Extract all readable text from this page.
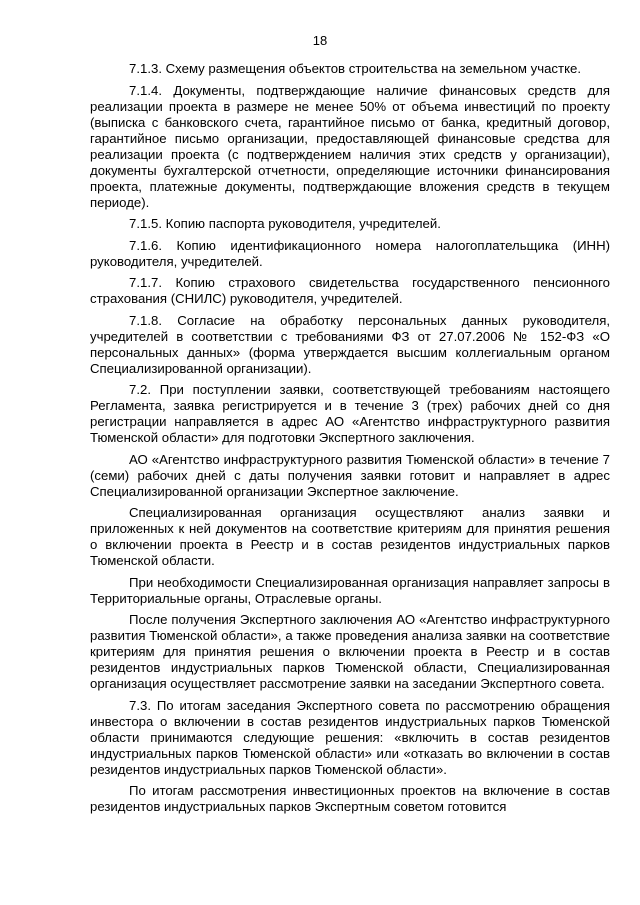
18

7.1.3. Схему размещения объектов строительства на земельном участке.

7.1.4. Документы, подтверждающие наличие финансовых средств для реализации проекта в размере не менее 50% от объема инвестиций по проекту (выписка с банковского счета, гарантийное письмо от банка, кредитный договор, гарантийное письмо организации, предоставляющей финансовые средства для реализации проекта (с подтверждением наличия этих средств у организации), документы бухгалтерской отчетности, определяющие источники финансирования проекта, платежные документы, подтверждающие вложения средств в текущем периоде).

7.1.5. Копию паспорта руководителя, учредителей.

7.1.6. Копию идентификационного номера налогоплательщика (ИНН) руководителя, учредителей.

7.1.7. Копию страхового свидетельства государственного пенсионного страхования (СНИЛС) руководителя, учредителей.

7.1.8. Согласие на обработку персональных данных руководителя, учредителей в соответствии с требованиями ФЗ от 27.07.2006 № 152-ФЗ «О персональных данных» (форма утверждается высшим коллегиальным органом Специализированной организации).

7.2. При поступлении заявки, соответствующей требованиям настоящего Регламента, заявка регистрируется и в течение 3 (трех) рабочих дней со дня регистрации направляется в адрес АО «Агентство инфраструктурного развития Тюменской области» для подготовки Экспертного заключения.

АО «Агентство инфраструктурного развития Тюменской области» в течение 7 (семи) рабочих дней с даты получения заявки готовит и направляет в адрес Специализированной организации Экспертное заключение.

Специализированная организация осуществляют анализ заявки и приложенных к ней документов на соответствие критериям для принятия решения о включении проекта в Реестр и в состав резидентов индустриальных парков Тюменской области.

При необходимости Специализированная организация направляет запросы в Территориальные органы, Отраслевые органы.

После получения Экспертного заключения АО «Агентство инфраструктурного развития Тюменской области», а также проведения анализа заявки на соответствие критериям для принятия решения о включении проекта в Реестр и в состав резидентов индустриальных парков Тюменской области, Специализированная организация осуществляет рассмотрение заявки на заседании Экспертного совета.

7.3. По итогам заседания Экспертного совета по рассмотрению обращения инвестора о включении в состав резидентов индустриальных парков Тюменской области принимаются следующие решения: «включить в состав резидентов индустриальных парков Тюменской области» или «отказать во включении в состав резидентов индустриальных парков Тюменской области».

По итогам рассмотрения инвестиционных проектов на включение в состав резидентов индустриальных парков Экспертным советом готовится
